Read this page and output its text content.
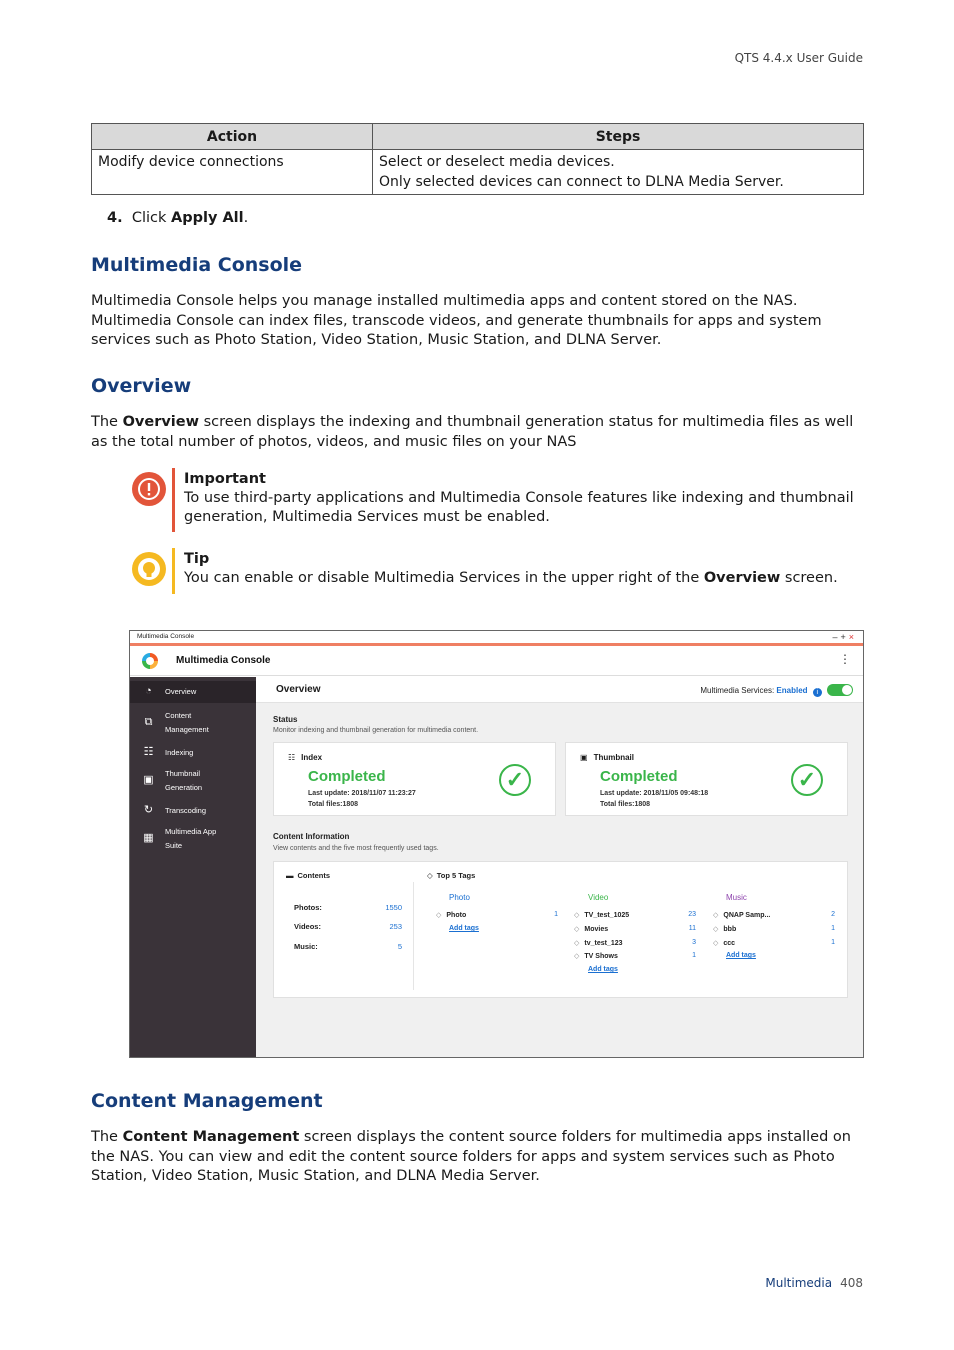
QTS 4.4.x User Guide
Action	Steps
Modify device connections	Select or deselect media devices.
Only selected devices can connect to DLNA Media Server.
4. Click Apply All.
Multimedia Console

Multimedia Console helps you manage installed multimedia apps and content stored on the NAS. Multimedia Console can index files, transcode videos, and generate thumbnails for apps and system services such as Photo Station, Video Station, Music Station, and DLNA Server.

Overview

The Overview screen displays the indexing and thumbnail generation status for multimedia files as well as the total number of photos, videos, and music files on your NAS

Important
To use third-party applications and Multimedia Console features like indexing and thumbnail generation, Multimedia Services must be enabled.
Tip
You can enable or disable Multimedia Services in the upper right of the Overview screen.
Multimedia Console	–+×
Multimedia Console	⋮
◔	Overview
⧉
Content Management
☷ Indexing
▣
Thumbnail Generation
↻ Transcoding
▦
Multimedia App Suite
Overview	Multimedia Services: Enabled i
Status
Monitor indexing and thumbnail generation for multimedia content.
☷ Index
Completed
Last update: 2018/11/07 11:23:27
Total files:1808
✓
▣ Thumbnail
Completed
Last update: 2018/11/05 09:48:18
Total files:1808
✓
Content Information
View contents and the five most frequently used tags.
▬ Contents	◇ Top 5 Tags
Photos:	1550
Videos:	253
Music:	5
Photo
◇ Photo	1
Add tags
Video
◇ TV_test_1025	23
◇ Movies	11
◇ tv_test_123	3
◇ TV Shows	1
Add tags
Music
◇ QNAP Samp...	2
◇ bbb	1
◇ ccc	1
Add tags
Content Management

The Content Management screen displays the content source folders for multimedia apps installed on the NAS. You can view and edit the content source folders for apps and system services such as Photo Station, Video Station, Music Station, and DLNA Media Server.

Multimedia 408
